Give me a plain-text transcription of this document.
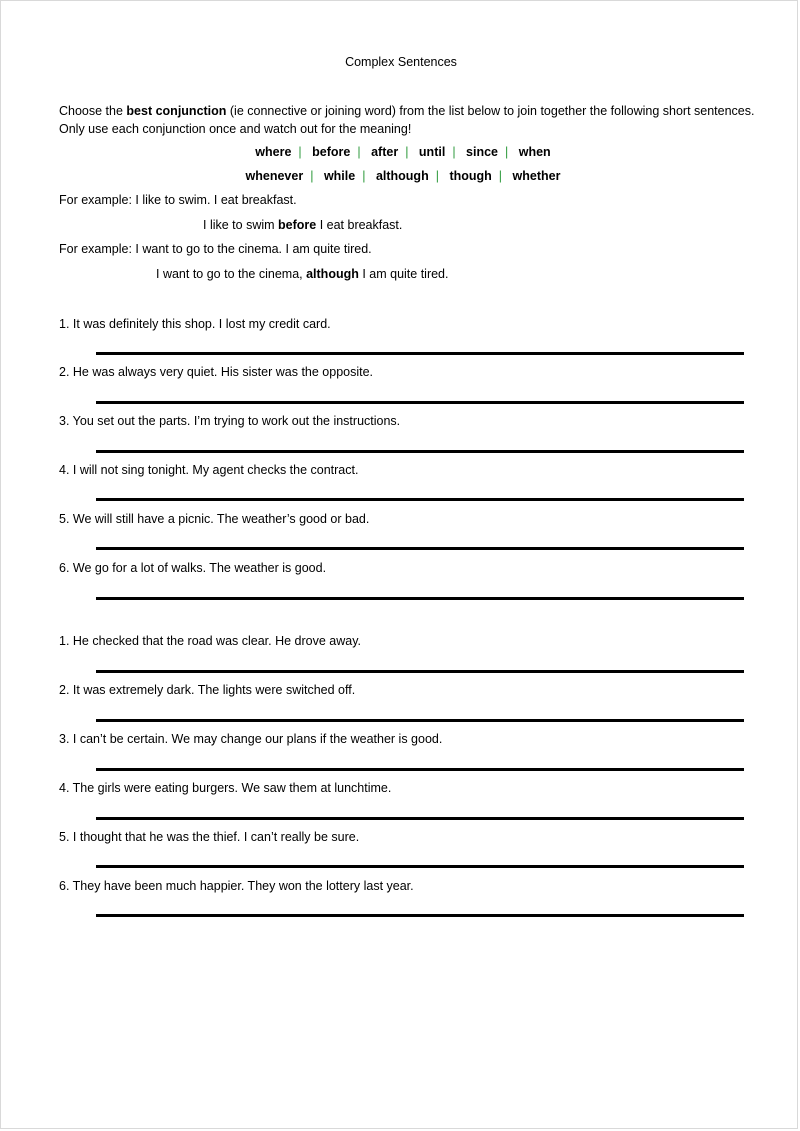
Complex Sentences
Choose the best conjunction (ie connective or joining word) from the list below to join together the following short sentences.
Only use each conjunction once and watch out for the meaning!
where | before | after | until | since | when
whenever | while | although | though | whether
For example: I like to swim. I eat breakfast.
I like to swim before I eat breakfast.
For example: I want to go to the cinema. I am quite tired.
I want to go to the cinema, although I am quite tired.
1. It was definitely this shop. I lost my credit card.
2. He was always very quiet. His sister was the opposite.
3. You set out the parts. I’m trying to work out the instructions.
4. I will not sing tonight. My agent checks the contract.
5. We will still have a picnic. The weather’s good or bad.
6. We go for a lot of walks. The weather is good.
1. He checked that the road was clear. He drove away.
2. It was extremely dark. The lights were switched off.
3. I can’t be certain. We may change our plans if the weather is good.
4. The girls were eating burgers. We saw them at lunchtime.
5. I thought that he was the thief. I can’t really be sure.
6. They have been much happier. They won the lottery last year.
